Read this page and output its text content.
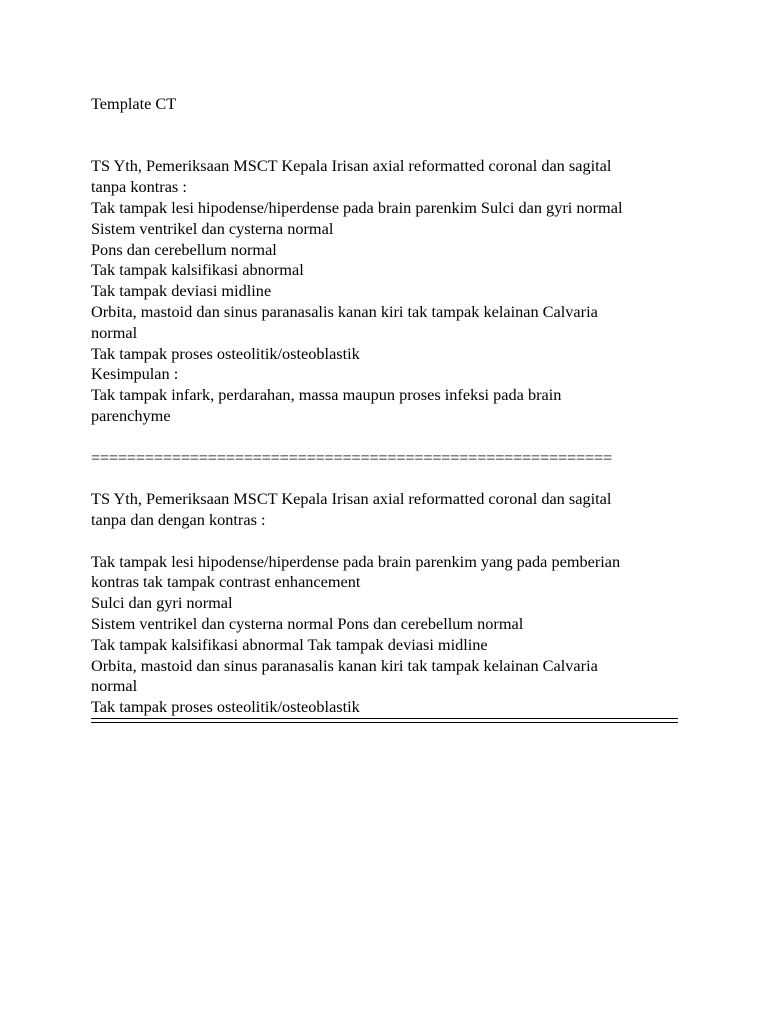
Template CT
TS Yth, Pemeriksaan MSCT Kepala Irisan axial reformatted coronal dan sagital
tanpa kontras :
Tak tampak lesi hipodense/hiperdense pada brain parenkim Sulci dan gyri normal
Sistem ventrikel dan cysterna normal
Pons dan cerebellum normal
Tak tampak kalsifikasi abnormal
Tak tampak deviasi midline
Orbita, mastoid dan sinus paranasalis kanan kiri tak tampak kelainan Calvaria
normal
Tak tampak proses osteolitik/osteoblastik
Kesimpulan :
Tak tampak infark, perdarahan, massa maupun proses infeksi pada brain
parenchyme
==========================================================
TS Yth, Pemeriksaan MSCT Kepala Irisan axial reformatted coronal dan sagital
tanpa dan dengan kontras :
Tak tampak lesi hipodense/hiperdense pada brain parenkim yang pada pemberian
kontras tak tampak contrast enhancement
Sulci dan gyri normal
Sistem ventrikel dan cysterna normal Pons dan cerebellum normal
Tak tampak kalsifikasi abnormal Tak tampak deviasi midline
Orbita, mastoid dan sinus paranasalis kanan kiri tak tampak kelainan Calvaria
normal
Tak tampak proses osteolitik/osteoblastik
